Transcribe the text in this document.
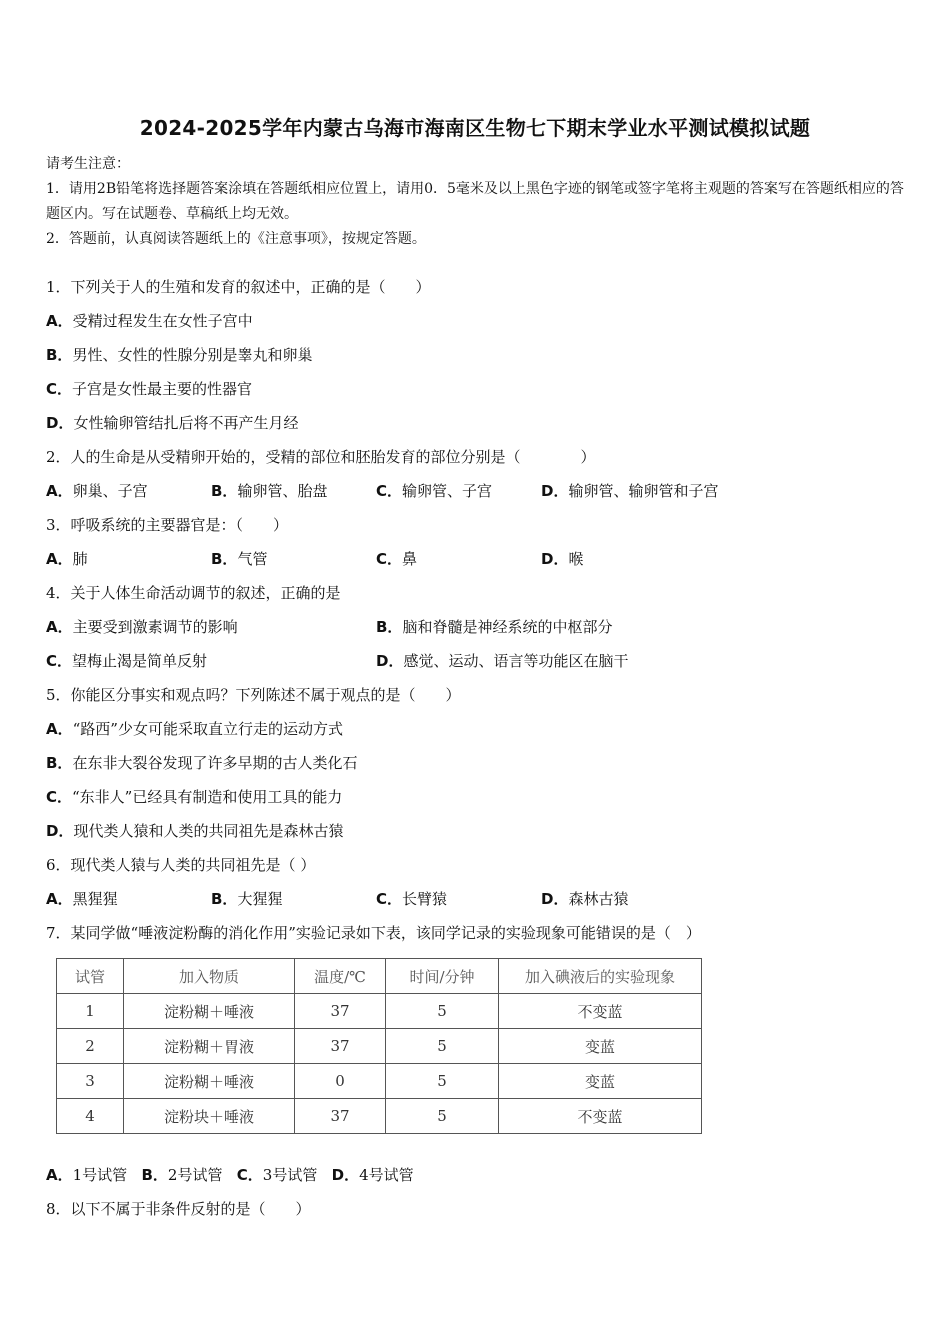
2024-2025学年内蒙古乌海市海南区生物七下期末学业水平测试模拟试题
请考生注意：
1．请用2B铅笔将选择题答案涂填在答题纸相应位置上，请用0．5毫米及以上黑色字迹的钢笔或签字笔将主观题的答案写在答题纸相应的答题区内。写在试题卷、草稿纸上均无效。
2．答题前，认真阅读答题纸上的《注意事项》，按规定答题。
1．下列关于人的生殖和发育的叙述中，正确的是（　　）
A．受精过程发生在女性子宫中
B．男性、女性的性腺分别是睾丸和卵巢
C．子宫是女性最主要的性器官
D．女性输卵管结扎后将不再产生月经
2．人的生命是从受精卵开始的，受精的部位和胚胎发育的部位分别是（　　　　）
A．卵巢、子宫	B．输卵管、胎盘	C．输卵管、子宫	D．输卵管、输卵管和子宫
3．呼吸系统的主要器官是：（　　）
A．肺	B．气管	C．鼻	D．喉
4．关于人体生命活动调节的叙述，正确的是
A．主要受到激素调节的影响	B．脑和脊髓是神经系统的中枢部分
C．望梅止渴是简单反射	D．感觉、运动、语言等功能区在脑干
5．你能区分事实和观点吗？下列陈述不属于观点的是（　　）
A．“路西”少女可能采取直立行走的运动方式
B．在东非大裂谷发现了许多早期的古人类化石
C．“东非人”已经具有制造和使用工具的能力
D．现代类人猿和人类的共同祖先是森林古猿
6．现代类人猿与人类的共同祖先是（ ）
A．黑猩猩	B．大猩猩	C．长臂猿	D．森林古猿
7．某同学做“唾液淀粉酶的消化作用”实验记录如下表，该同学记录的实验现象可能错误的是（　）
试管	加入物质	温度/℃	时间/分钟	加入碘液后的实验现象
1	淀粉糊＋唾液	37	5	不变蓝
2	淀粉糊＋胃液	37	5	变蓝
3	淀粉糊＋唾液	0	5	变蓝
4	淀粉块＋唾液	37	5	不变蓝
A．1号试管 B．2号试管 C．3号试管 D．4号试管
8．以下不属于非条件反射的是（　　）
